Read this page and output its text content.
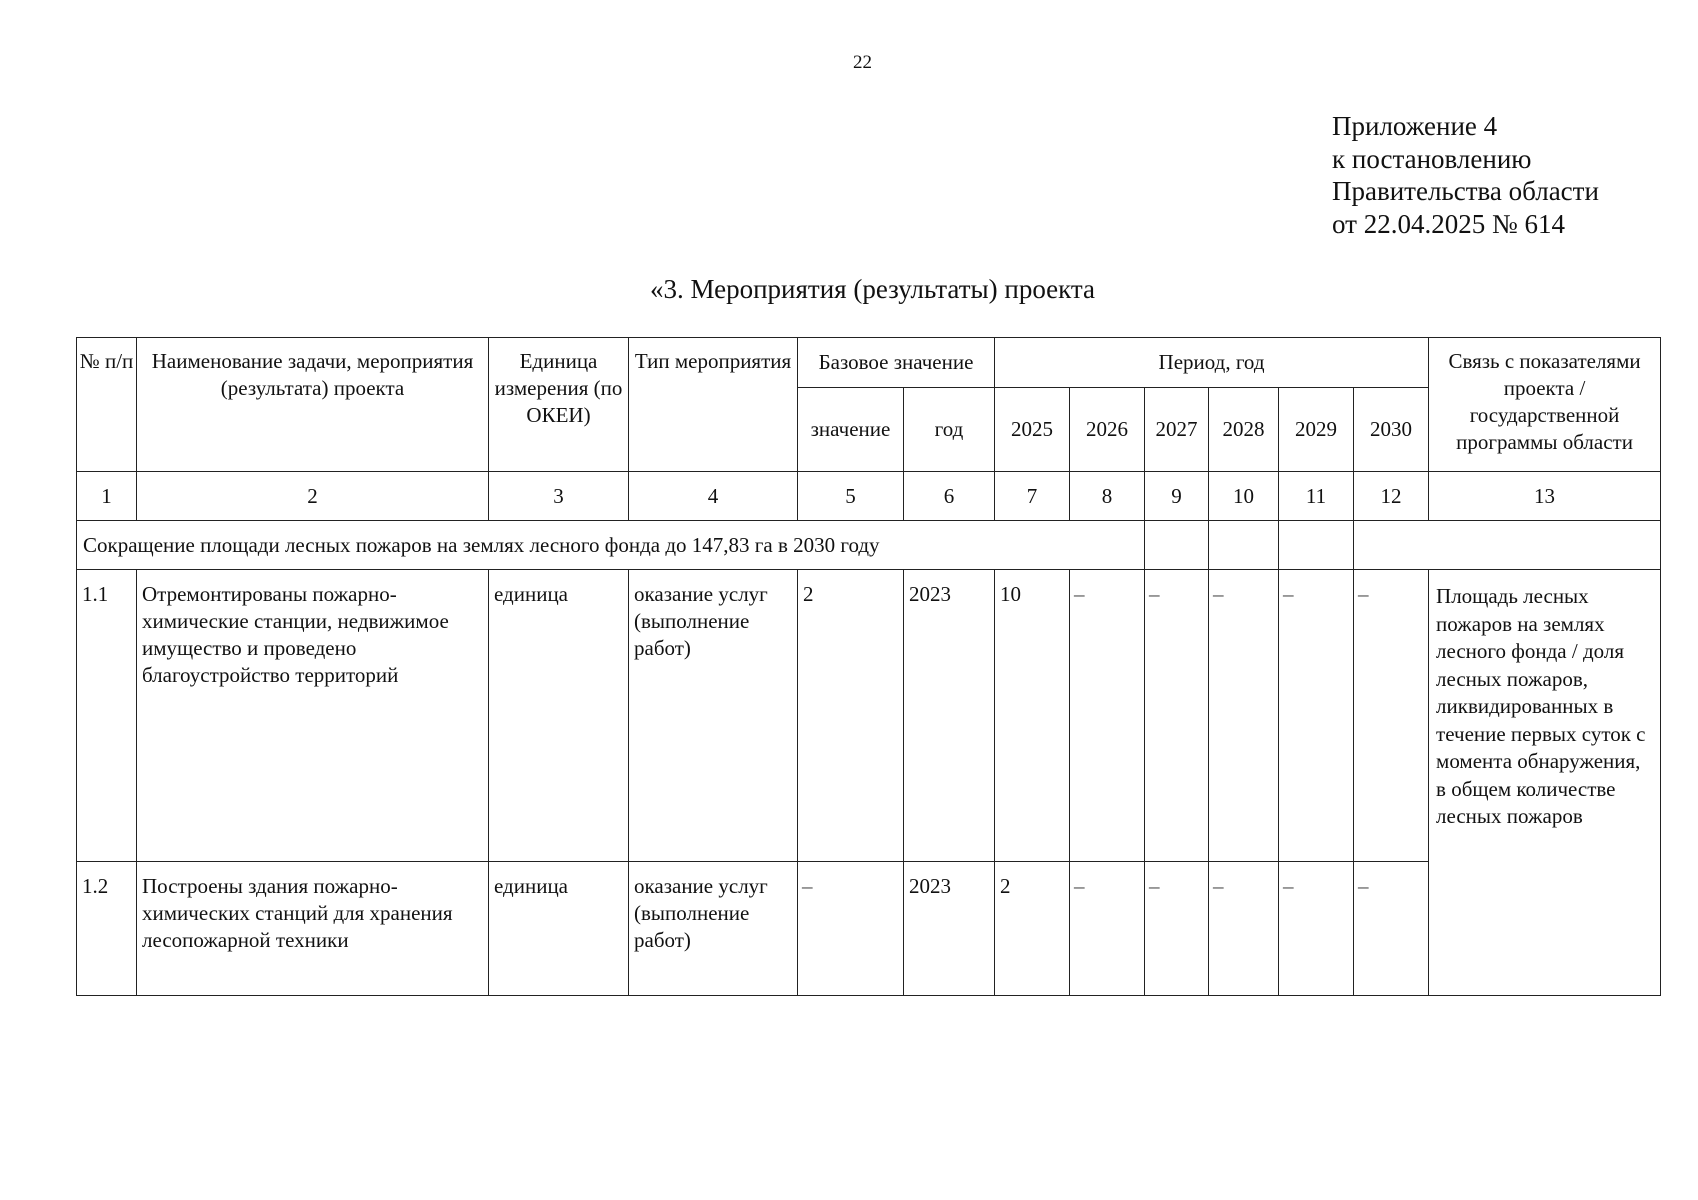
22
Приложение 4
к постановлению
Правительства области
от 22.04.2025 № 614
«3. Мероприятия (результаты) проекта
№ п/п	Наименование задачи, мероприятия (результата) проекта	Единица измерения (по ОКЕИ)	Тип мероприятия	Базовое значение		Период, год						Связь с показателями проекта / государственной программы области
				значение	год	2025	2026	2027	2028	2029	2030	
1	2	3	4	5	6	7	8	9	10	11	12	13
Сокращение площади лесных пожаров на землях лесного фонда до 147,83 га в 2030 году												
1.1	Отремонтированы пожарно-химические станции, недвижимое имущество и проведено благоустройство территорий	единица	оказание услуг (выполнение работ)	2	2023	10	–	–	–	–	–	Площадь лесных пожаров на землях лесного фонда / доля лесных пожаров, ликвидированных в течение первых суток с момента обнаружения, в общем количестве лесных пожаров
1.2	Построены здания пожарно-химических станций для хранения лесопожарной техники	единица	оказание услуг (выполнение работ)	–	2023	2	–	–	–	–	–	
